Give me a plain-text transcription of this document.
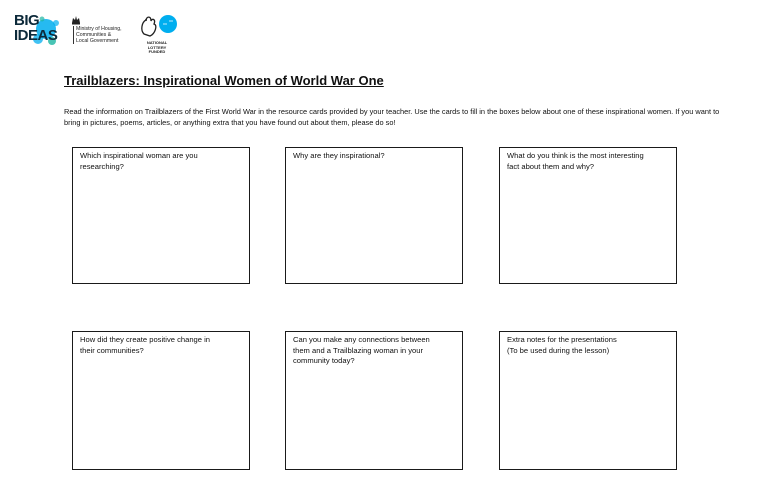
BIG
IDEAS	Ministry of Housing,
Communities &
Local Government	NATIONAL
LOTTERY FUNDED
Trailblazers: Inspirational Women of World War One
Read the information on Trailblazers of the First World War in the resource cards provided by your teacher. Use the cards to fill in the boxes below about one of these inspirational women. If you want to bring in pictures, poems, articles, or anything extra that you have found out about them, please do so!
Which inspirational woman are you
researching?
Why are they inspirational?	What do you think is the most interesting
fact about them and why?
How did they create positive change in
their communities?
Can you make any connections between
them and a Trailblazing woman in your
community today?
Extra notes for the presentations
(To be used during the lesson)
